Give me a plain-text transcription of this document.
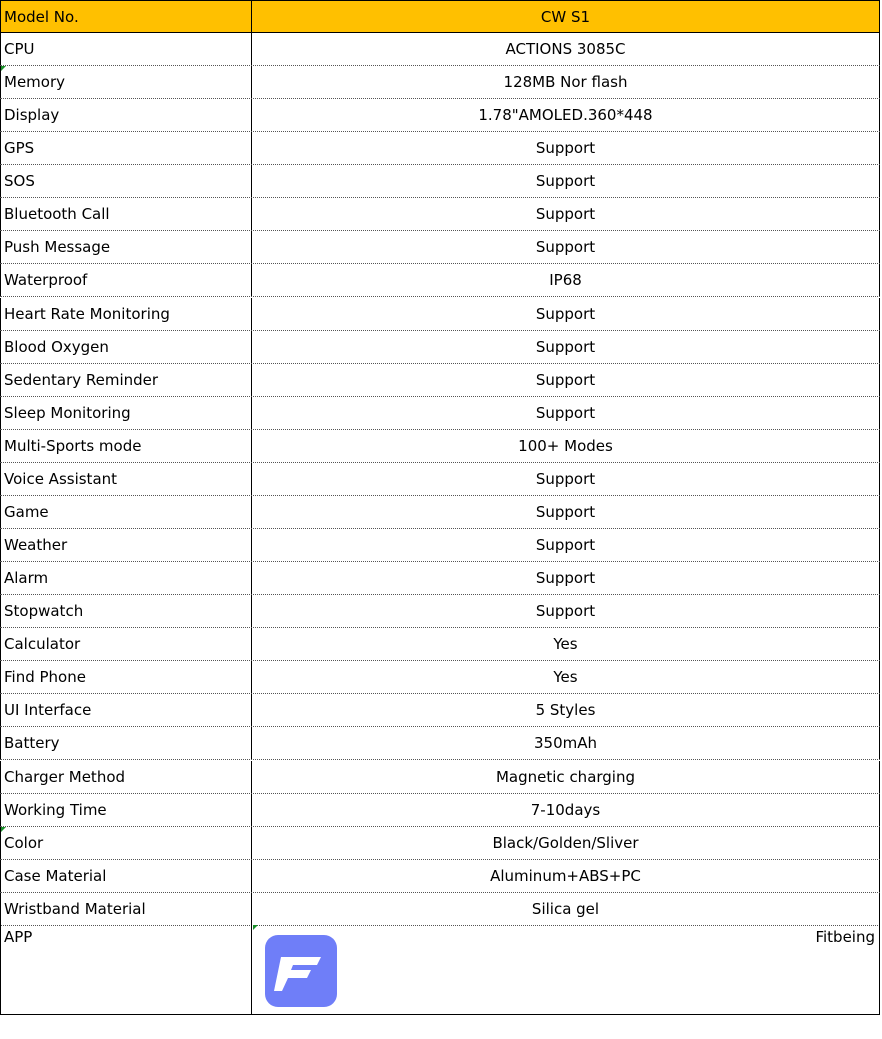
Model No.	CW S1
CPU	ACTIONS 3085C
Memory	128MB Nor flash
Display	1.78"AMOLED.360*448
GPS	Support
SOS	Support
Bluetooth Call	Support
Push Message	Support
Waterproof	IP68
Heart Rate Monitoring	Support
Blood Oxygen	Support
Sedentary Reminder	Support
Sleep Monitoring	Support
Multi-Sports mode	100+ Modes
Voice Assistant	Support
Game	Support
Weather	Support
Alarm	Support
Stopwatch	Support
Calculator	Yes
Find Phone	Yes
UI Interface	5 Styles
Battery	350mAh
Charger Method	Magnetic charging
Working Time	7-10days
Color	Black/Golden/Sliver
Case Material	Aluminum+ABS+PC
Wristband Material	Silica gel
APP	Fitbeing
